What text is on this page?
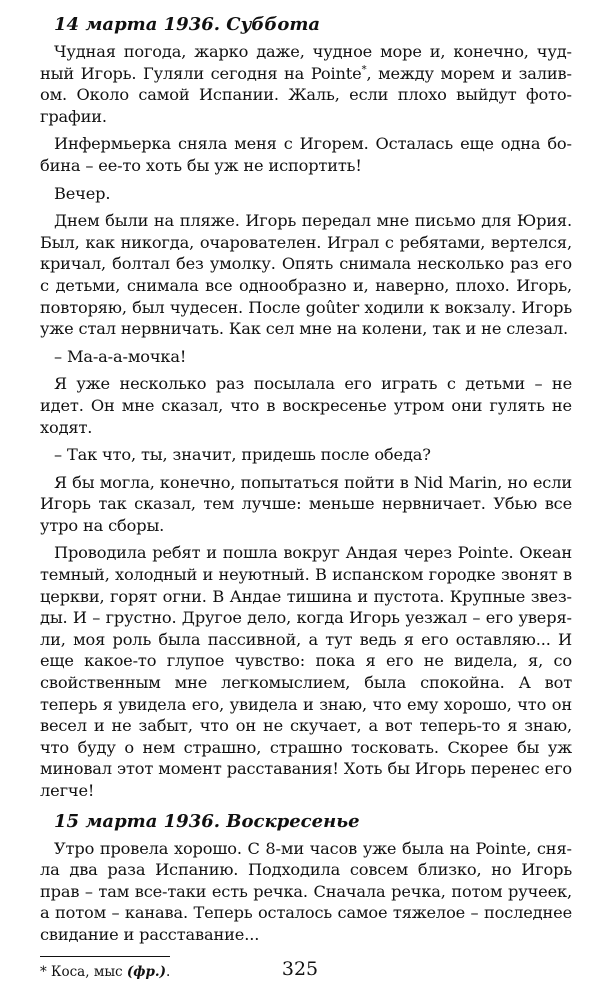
14 марта 1936. Суббота

Чудная погода, жарко даже, чудное море и, конечно, чудный Игорь. Гуляли сегодня на Pointe*, между морем и заливом. Около самой Испании. Жаль, если плохо выйдут фотографии.

Инфермьерка сняла меня с Игорем. Осталась еще одна бобина – ее-то хоть бы уж не испортить!

Вечер.

Днем были на пляже. Игорь передал мне письмо для Юрия. Был, как никогда, очарователен. Играл с ребятами, вертелся, кричал, болтал без умолку. Опять снимала несколько раз его с детьми, снимала все однообразно и, наверно, плохо. Игорь, повторяю, был чудесен. После goûter ходили к вокзалу. Игорь уже стал нервничать. Как сел мне на колени, так и не слезал.

– Ма-а-а-мочка!

Я уже несколько раз посылала его играть с детьми – не идет. Он мне сказал, что в воскресенье утром они гулять не ходят.

– Так что, ты, значит, придешь после обеда?

Я бы могла, конечно, попытаться пойти в Nid Marin, но если Игорь так сказал, тем лучше: меньше нервничает. Убью все утро на сборы.

Проводила ребят и пошла вокруг Андая через Pointe. Океан темный, холодный и неуютный. В испанском городке звонят в церкви, горят огни. В Андае тишина и пустота. Крупные звезды. И – грустно. Другое дело, когда Игорь уезжал – его уверяли, моя роль была пассивной, а тут ведь я его оставляю... И еще какое-то глупое чувство: пока я его не видела, я, со свойственным мне легкомыслием, была спокойна. А вот теперь я увидела его, увидела и знаю, что ему хорошо, что он весел и не забыт, что он не скучает, а вот теперь-то я знаю, что буду о нем страшно, страшно тосковать. Скорее бы уж миновал этот момент расставания! Хоть бы Игорь перенес его легче!

15 марта 1936. Воскресенье

Утро провела хорошо. С 8-ми часов уже была на Pointe, сняла два раза Испанию. Подходила совсем близко, но Игорь прав – там все-таки есть речка. Сначала речка, потом ручеек, а потом – канава. Теперь осталось самое тяжелое – последнее свидание и расставание...

* Коса, мыс (фр.).	325
